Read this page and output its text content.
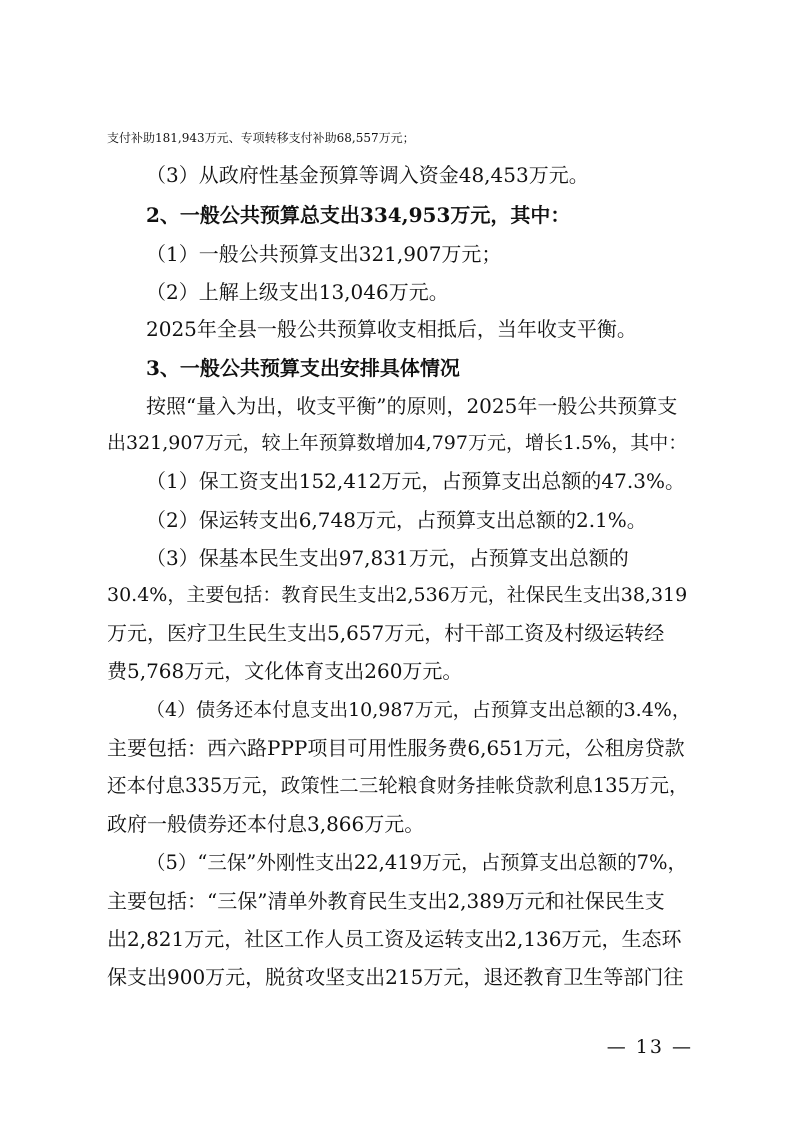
支付补助181,943万元、专项转移支付补助68,557万元；
（3）从政府性基金预算等调入资金48,453万元。
2、一般公共预算总支出334,953万元，其中：
（1）一般公共预算支出321,907万元；
（2）上解上级支出13,046万元。
2025年全县一般公共预算收支相抵后，当年收支平衡。
3、一般公共预算支出安排具体情况
按照“量入为出，收支平衡”的原则，2025年一般公共预算支
出321,907万元，较上年预算数增加4,797万元，增长1.5%，其中：
（1）保工资支出152,412万元，占预算支出总额的47.3%。
（2）保运转支出6,748万元，占预算支出总额的2.1%。
（3）保基本民生支出97,831万元，占预算支出总额的
30.4%，主要包括：教育民生支出2,536万元，社保民生支出38,319
万元，医疗卫生民生支出5,657万元，村干部工资及村级运转经
费5,768万元，文化体育支出260万元。
（4）债务还本付息支出10,987万元，占预算支出总额的3.4%，
主要包括：西六路PPP项目可用性服务费6,651万元，公租房贷款
还本付息335万元，政策性二三轮粮食财务挂帐贷款利息135万元，
政府一般债券还本付息3,866万元。
（5）“三保”外刚性支出22,419万元，占预算支出总额的7%，
主要包括：“三保”清单外教育民生支出2,389万元和社保民生支
出2,821万元，社区工作人员工资及运转支出2,136万元，生态环
保支出900万元，脱贫攻坚支出215万元，退还教育卫生等部门往
— 13 —
